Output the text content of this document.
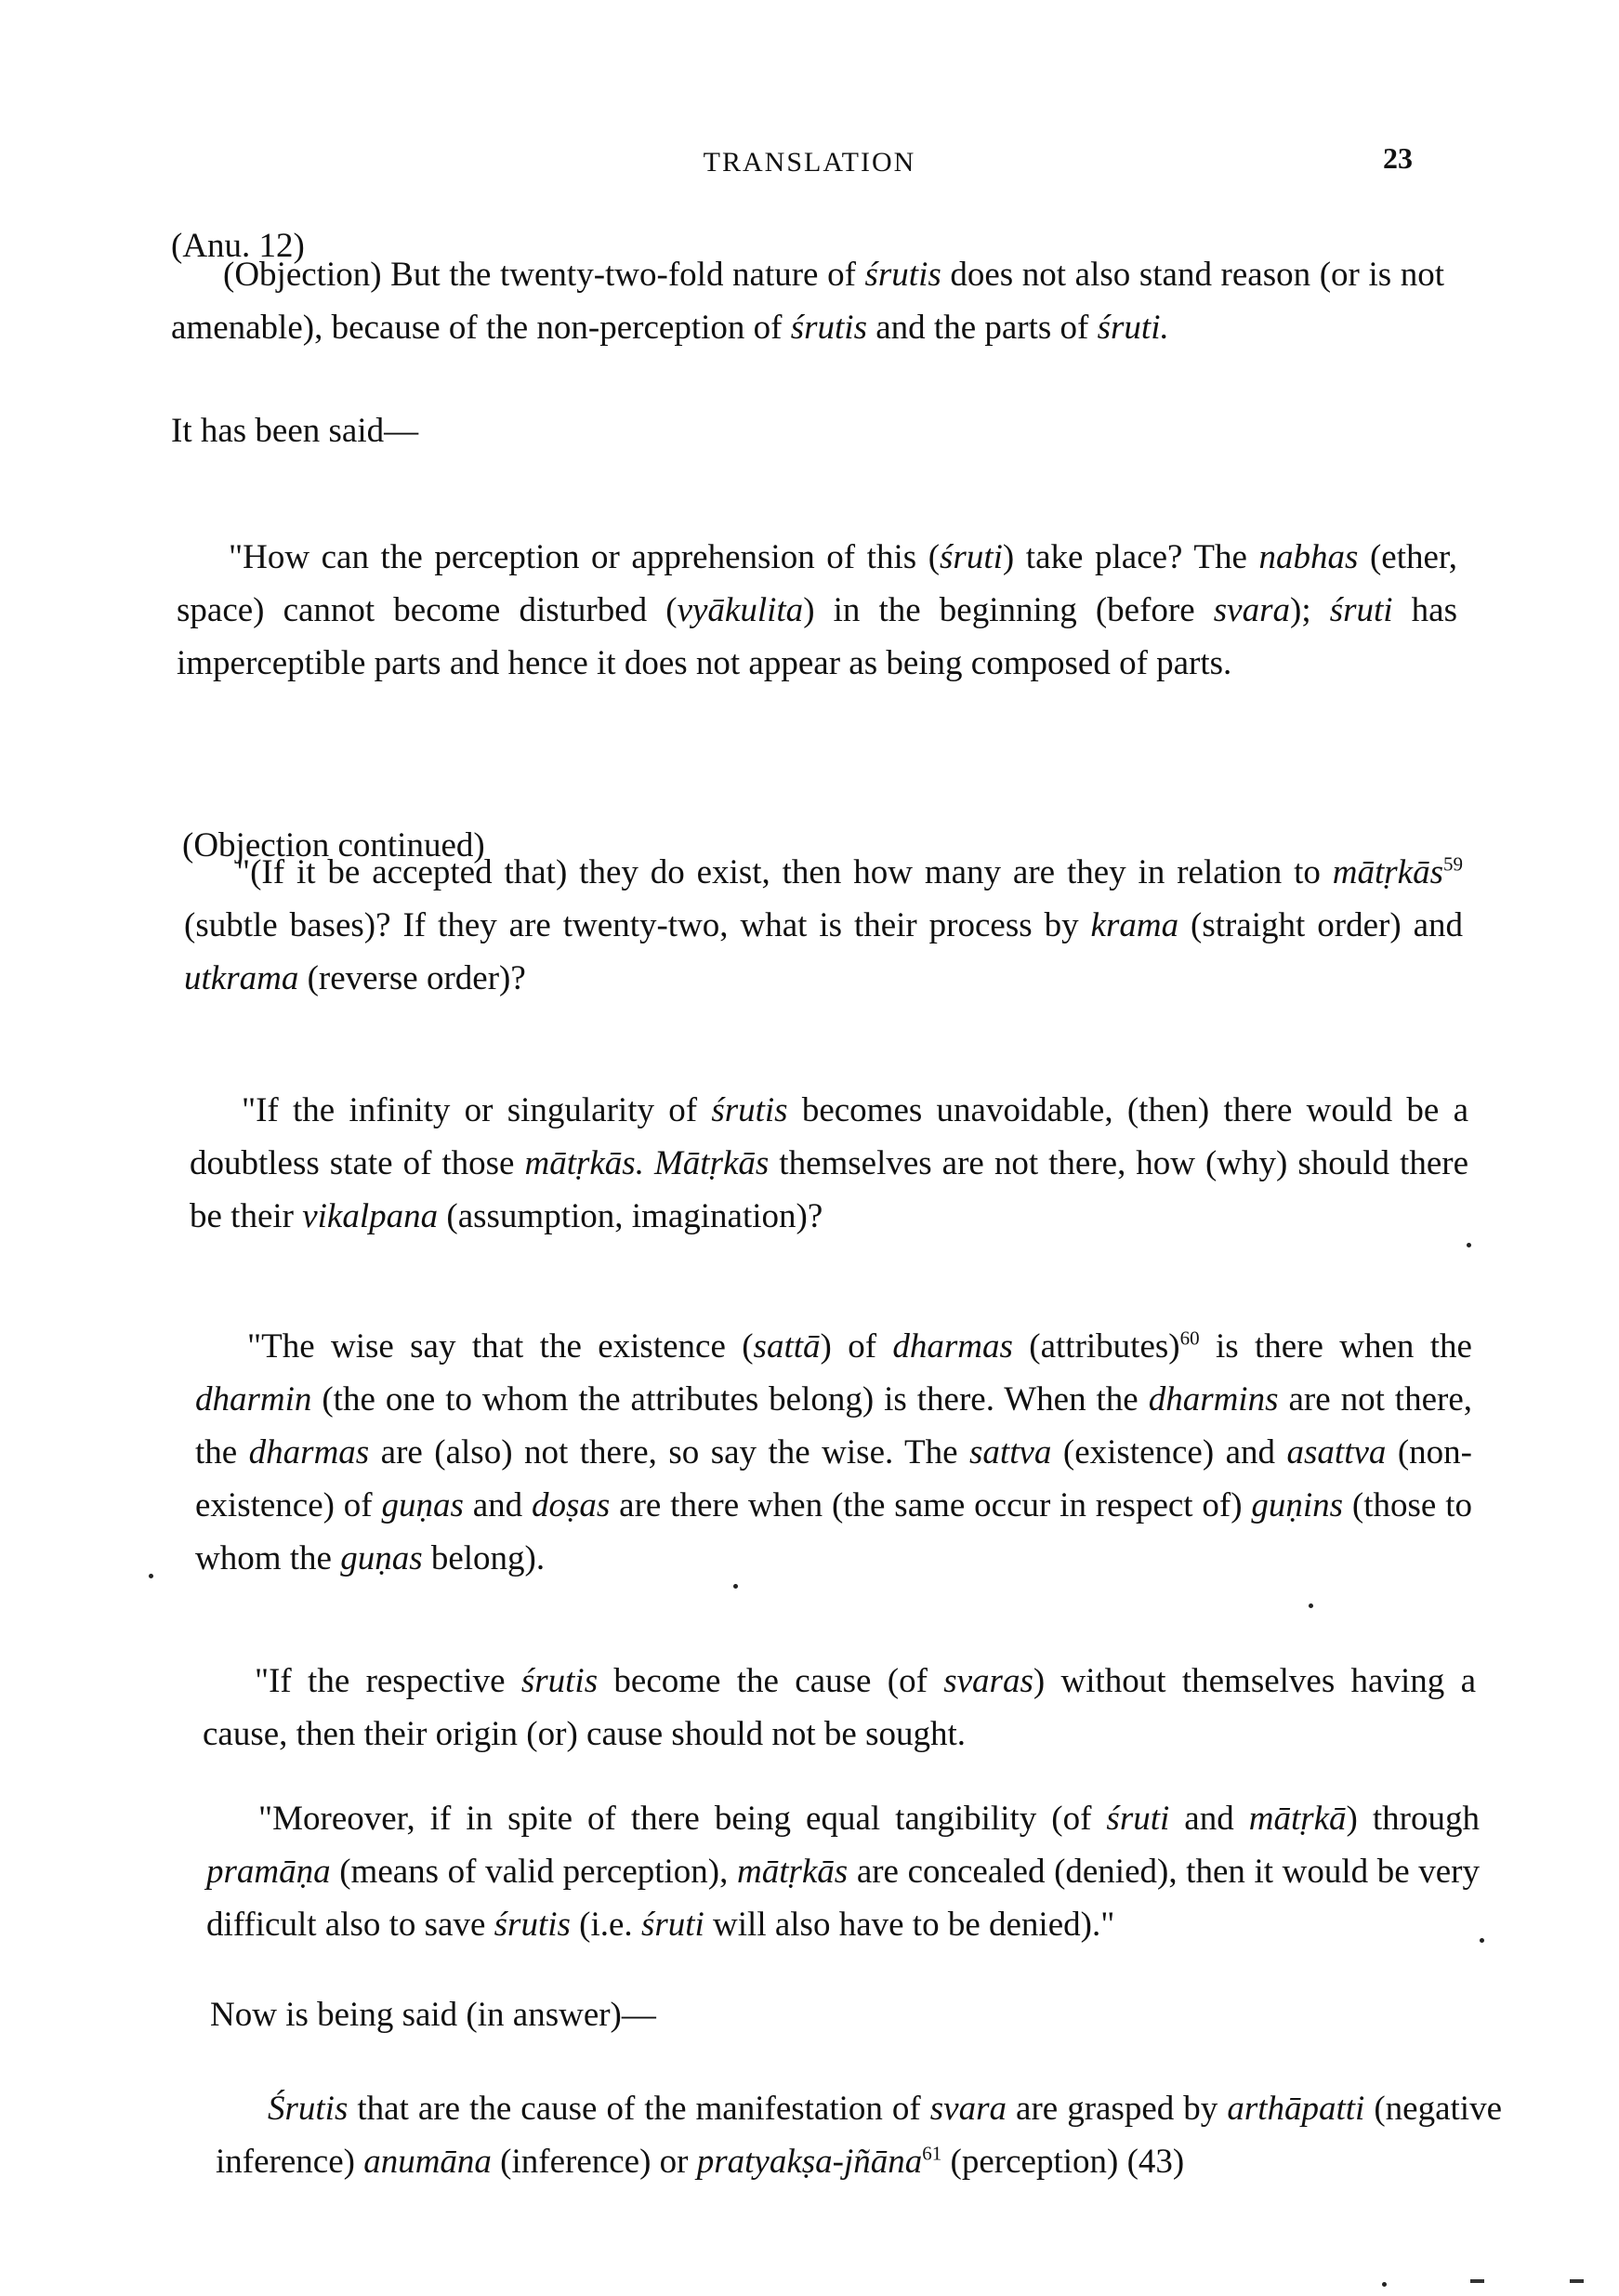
TRANSLATION	23

(Anu. 12)

(Objection) But the twenty-two-fold nature of śrutis does not also stand reason (or is not amenable), because of the non-perception of śrutis and the parts of śruti.

It has been said—

"How can the perception or apprehension of this (śruti) take place? The nabhas (ether, space) cannot become disturbed (vyākulita) in the beginning (before svara); śruti has imperceptible parts and hence it does not appear as being composed of parts.

(Objection continued)

"(If it be accepted that) they do exist, then how many are they in relation to mātṛkās$^{59}$ (subtle bases)? If they are twenty-two, what is their process by krama (straight order) and utkrama (reverse order)?

"If the infinity or singularity of śrutis becomes unavoidable, (then) there would be a doubtless state of those mātṛkās. Mātṛkās themselves are not there, how (why) should there be their vikalpana (assumption, imagination)?

"The wise say that the existence (sattā) of dharmas (attributes)$^{60}$ is there when the dharmin (the one to whom the attributes belong) is there. When the dharmins are not there, the dharmas are (also) not there, so say the wise. The sattva (existence) and asattva (non-existence) of guṇas and doṣas are there when (the same occur in respect of) guṇins (those to whom the guṇas belong).

"If the respective śrutis become the cause (of svaras) without themselves having a cause, then their origin (or) cause should not be sought.

"Moreover, if in spite of there being equal tangibility (of śruti and mātṛkā) through pramāṇa (means of valid perception), mātṛkās are concealed (denied), then it would be very difficult also to save śrutis (i.e. śruti will also have to be denied)."

Now is being said (in answer)—

Śrutis that are the cause of the manifestation of svara are grasped by arthāpatti (negative inference) anumāna (inference) or pratyakṣa-jñāna$^{61}$ (perception) (43)
